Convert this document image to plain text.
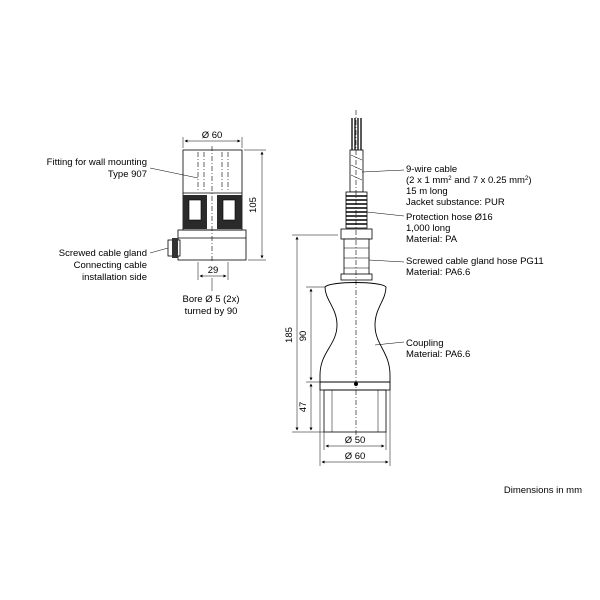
Ø 60
105
29
Fitting for wall mounting
Type 907
Screwed cable gland
Connecting cable
installation side
Bore Ø 5 (2x)
turned by 90
185 90
47
Ø 50
Ø 60
9-wire cable
(2 x 1 $mm^2$ and 7 x 0.25 $mm^2$)
15 m long
Jacket substance: PUR
Protection hose Ø16
1,000 long
Material: PA
Screwed cable gland hose PG11
Material: PA6.6
Coupling
Material: PA6.6
Dimensions in mm
